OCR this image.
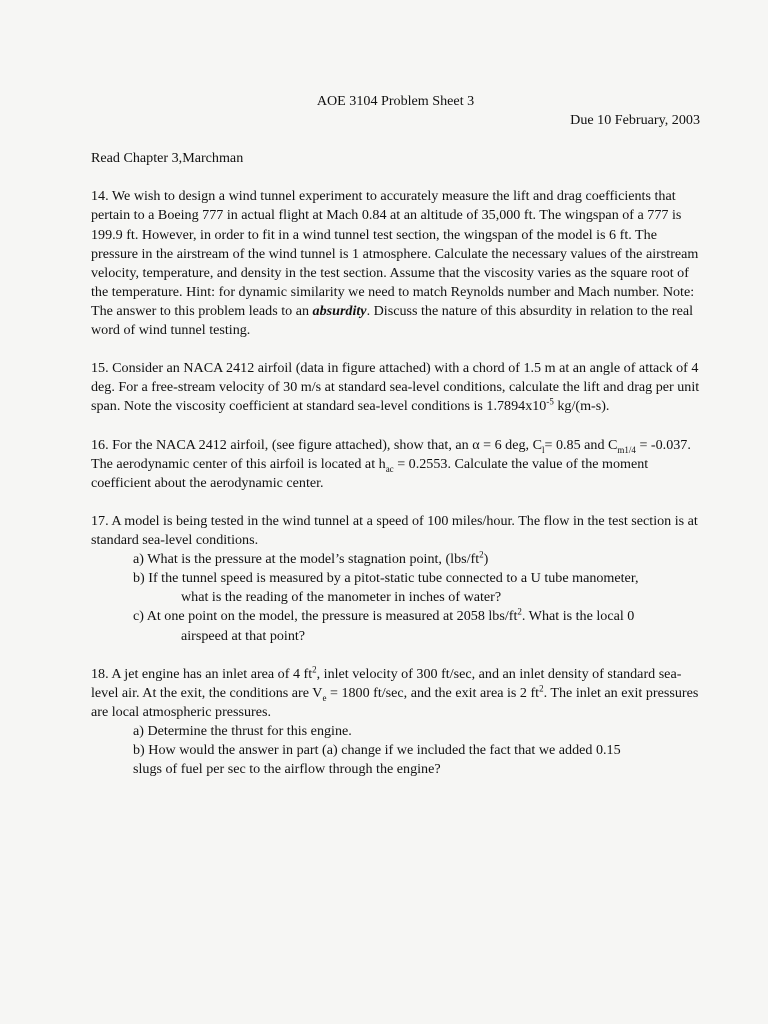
AOE 3104 Problem Sheet 3

Due 10 February, 2003

Read Chapter 3,Marchman

14. We wish to design a wind tunnel experiment to accurately measure the lift and drag coefficients that pertain to a Boeing 777 in actual flight at Mach 0.84 at an altitude of 35,000 ft. The wingspan of a 777 is 199.9 ft. However, in order to fit in a wind tunnel test section, the wingspan of the model is 6 ft. The pressure in the airstream of the wind tunnel is 1 atmosphere. Calculate the necessary values of the airstream velocity, temperature, and density in the test section. Assume that the viscosity varies as the square root of the temperature. Hint: for dynamic similarity we need to match Reynolds number and Mach number. Note: The answer to this problem leads to an absurdity. Discuss the nature of this absurdity in relation to the real word of wind tunnel testing.

15. Consider an NACA 2412 airfoil (data in figure attached) with a chord of 1.5 m at an angle of attack of 4 deg. For a free-stream velocity of 30 m/s at standard sea-level conditions, calculate the lift and drag per unit span. Note the viscosity coefficient at standard sea-level conditions is $1.7894x10^{-5}$ kg/(m-s).

16. For the NACA 2412 airfoil, (see figure attached), show that, an α = 6 deg, $C_l= 0.85$ and $C_{m1/4} = -0.037$. The aerodynamic center of this airfoil is located at $h_{ac} = 0.2553$. Calculate the value of the moment coefficient about the aerodynamic center.

17. A model is being tested in the wind tunnel at a speed of 100 miles/hour. The flow in the test section is at standard sea-level conditions.
a) What is the pressure at the model’s stagnation point, $(lbs/ft^2)$
b) If the tunnel speed is measured by a pitot-static tube connected to a U tube manometer,
what is the reading of the manometer in inches of water?
c) At one point on the model, the pressure is measured at 2058 lbs/$ft^2$. What is the local 0
airspeed at that point?
18. A jet engine has an inlet area of 4 $ft^2$, inlet velocity of 300 ft/sec, and an inlet density of standard sea-level air. At the exit, the conditions are $V_e = 1800$ ft/sec, and the exit area is 2 $ft^2$. The inlet an exit pressures are local atmospheric pressures.
a) Determine the thrust for this engine.
b) How would the answer in part (a) change if we included the fact that we added 0.15
slugs of fuel per sec to the airflow through the engine?
